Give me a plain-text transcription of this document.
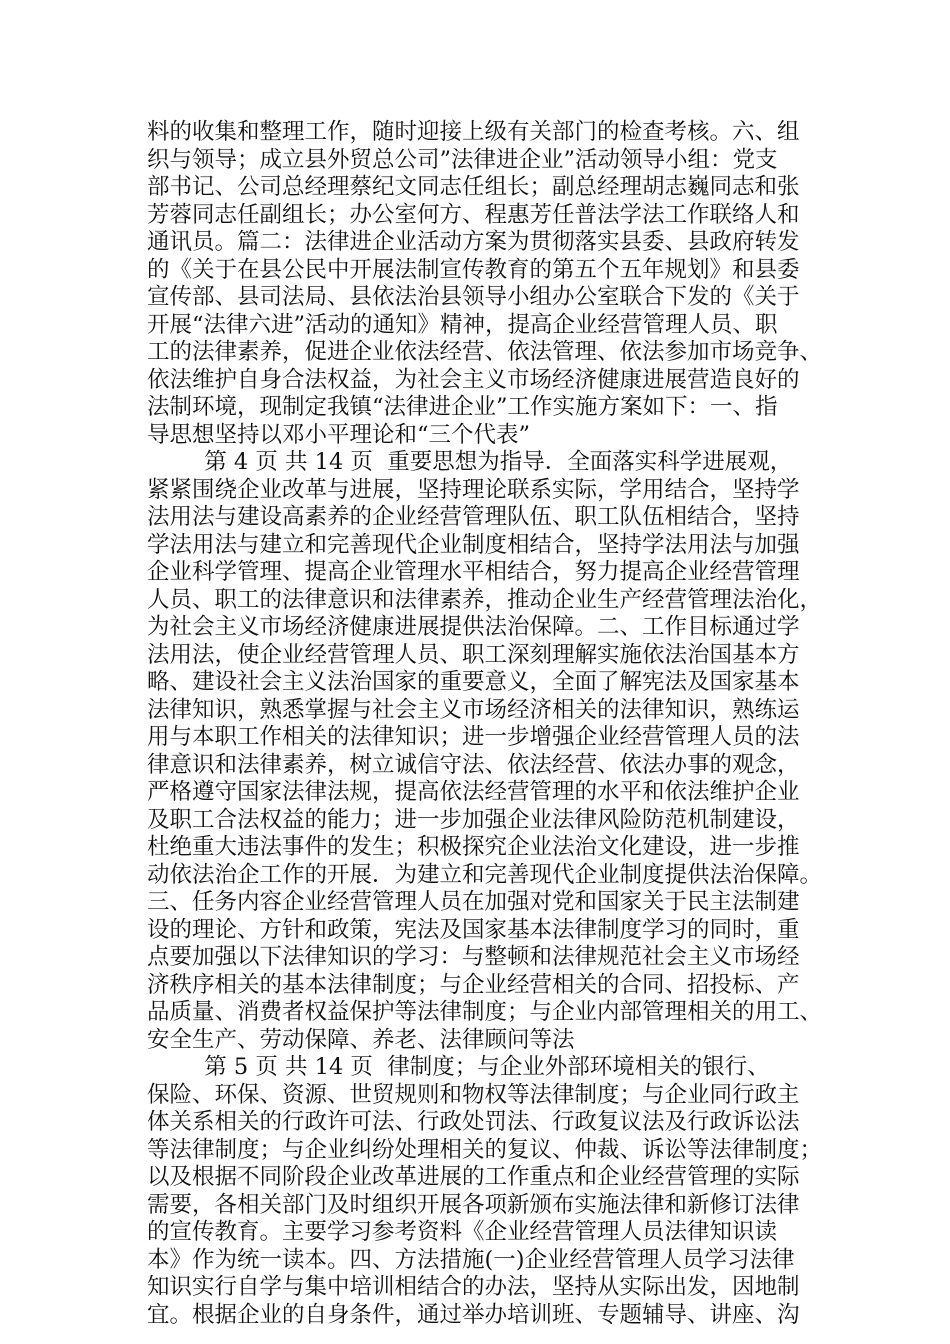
料的收集和整理工作，随时迎接上级有关部门的检查考核。六、组
织与领导；成立县外贸总公司”法律进企业”活动领导小组：党支
部书记、公司总经理蔡纪文同志任组长；副总经理胡志巍同志和张
芳蓉同志任副组长；办公室何方、程惠芳任普法学法工作联络人和
通讯员。篇二：法律进企业活动方案为贯彻落实县委、县政府转发
的《关于在县公民中开展法制宣传教育的第五个五年规划》和县委
宣传部、县司法局、县依法治县领导小组办公室联合下发的《关于
开展“法律六进”活动的通知》精神，提高企业经营管理人员、职
工的法律素养，促进企业依法经营、依法管理、依法参加市场竞争、
依法维护自身合法权益，为社会主义市场经济健康进展营造良好的
法制环境，现制定我镇“法律进企业”工作实施方案如下：一、指
导思想坚持以邓小平理论和“三个代表”
第 4 页 共 14 页  重要思想为指导．全面落实科学进展观，
紧紧围绕企业改革与进展，坚持理论联系实际，学用结合，坚持学
法用法与建设高素养的企业经营管理队伍、职工队伍相结合，坚持
学法用法与建立和完善现代企业制度相结合，坚持学法用法与加强
企业科学管理、提高企业管理水平相结合，努力提高企业经营管理
人员、职工的法律意识和法律素养，推动企业生产经营管理法治化，
为社会主义市场经济健康进展提供法治保障。二、工作目标通过学
法用法，使企业经营管理人员、职工深刻理解实施依法治国基本方
略、建设社会主义法治国家的重要意义，全面了解宪法及国家基本
法律知识，熟悉掌握与社会主义市场经济相关的法律知识，熟练运
用与本职工作相关的法律知识；进一步增强企业经营管理人员的法
律意识和法律素养，树立诚信守法、依法经营、依法办事的观念，
严格遵守国家法律法规，提高依法经营管理的水平和依法维护企业
及职工合法权益的能力；进一步加强企业法律风险防范机制建设，
杜绝重大违法事件的发生；积极探究企业法治文化建设，进一步推
动依法治企工作的开展．为建立和完善现代企业制度提供法治保障。
三、任务内容企业经营管理人员在加强对党和国家关于民主法制建
设的理论、方针和政策，宪法及国家基本法律制度学习的同时，重
点要加强以下法律知识的学习：与整顿和法律规范社会主义市场经
济秩序相关的基本法律制度；与企业经营相关的合同、招投标、产
品质量、消费者权益保护等法律制度；与企业内部管理相关的用工、
安全生产、劳动保障、养老、法律顾问等法
第 5 页 共 14 页  律制度；与企业外部环境相关的银行、
保险、环保、资源、世贸规则和物权等法律制度；与企业同行政主
体关系相关的行政许可法、行政处罚法、行政复议法及行政诉讼法
等法律制度；与企业纠纷处理相关的复议、仲裁、诉讼等法律制度；
以及根据不同阶段企业改革进展的工作重点和企业经营管理的实际
需要，各相关部门及时组织开展各项新颁布实施法律和新修订法律
的宣传教育。主要学习参考资料《企业经营管理人员法律知识读
本》作为统一读本。四、方法措施(一)企业经营管理人员学习法律
知识实行自学与集中培训相结合的办法，坚持从实际出发，因地制
宜。根据企业的自身条件，通过举办培训班、专题辅导、讲座、沟
